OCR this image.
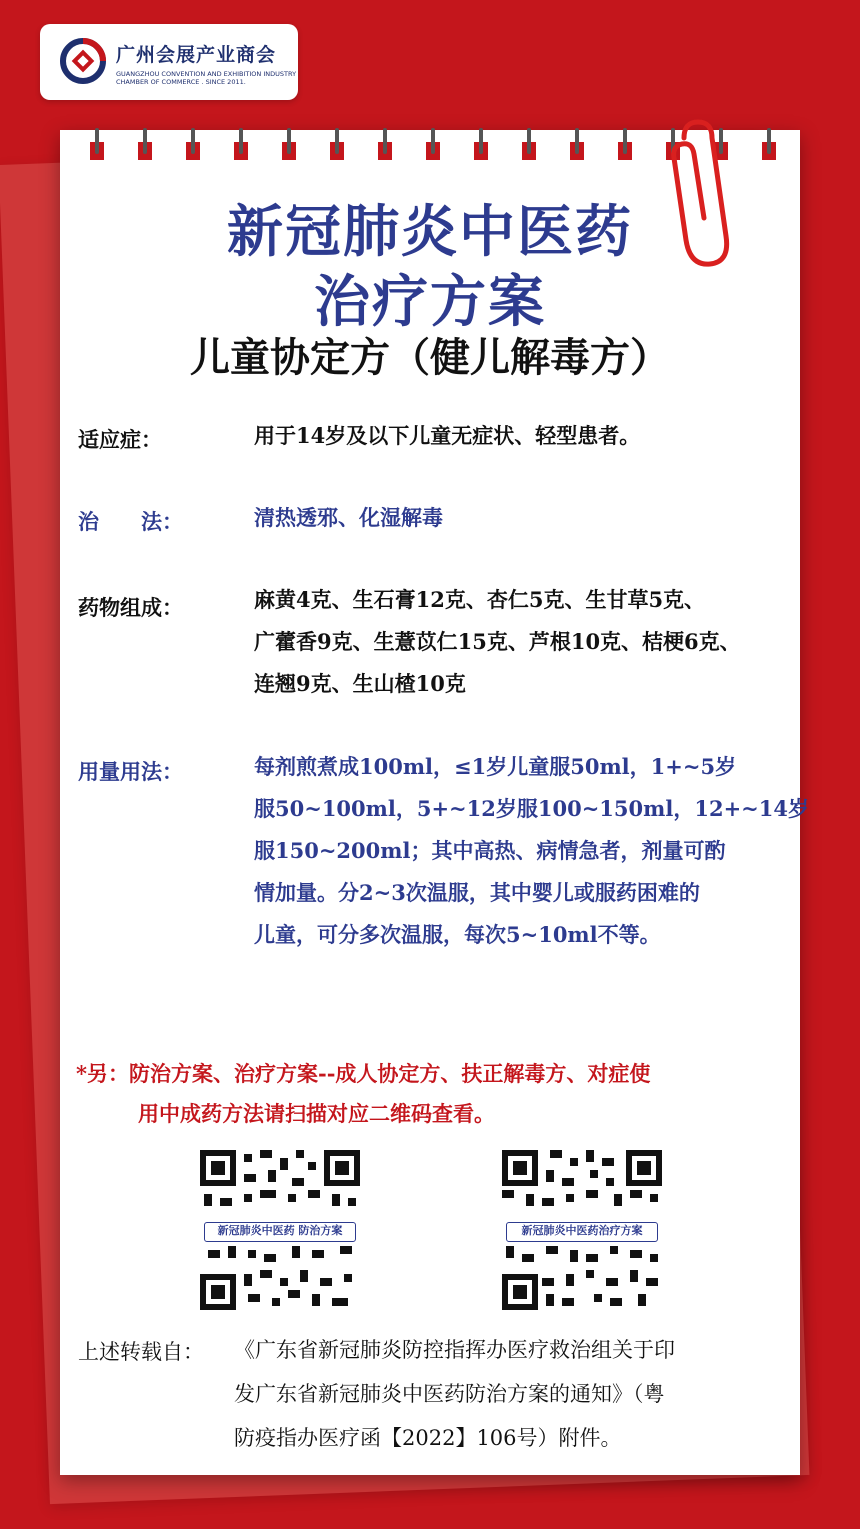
广州会展产业商会
GUANGZHOU CONVENTION AND EXHIBITION INDUSTRY CHAMBER OF COMMERCE . SINCE 2011.
新冠肺炎中医药
治疗方案
儿童协定方（健儿解毒方）
适应症：	用于14岁及以下儿童无症状、轻型患者。
治　　法：	清热透邪、化湿解毒
药物组成：	麻黄4克、生石膏12克、杏仁5克、生甘草5克、
广藿香9克、生薏苡仁15克、芦根10克、桔梗6克、
连翘9克、生山楂10克
用量用法：	每剂煎煮成100ml，≤1岁儿童服50ml，1+~5岁
服50~100ml，5+~12岁服100~150ml，12+~14岁
服150~200ml；其中高热、病情急者，剂量可酌
情加量。分2~3次温服，其中婴儿或服药困难的
儿童，可分多次温服，每次5~10ml不等。
*另：防治方案、治疗方案--成人协定方、扶正解毒方、对症使
用中成药方法请扫描对应二维码查看。
新冠肺炎中医药 防治方案	新冠肺炎中医药治疗方案
上述转载自： 《广东省新冠肺炎防控指挥办医疗救治组关于印
发广东省新冠肺炎中医药防治方案的通知》（粤
防疫指办医疗函【2022】106号）附件。
